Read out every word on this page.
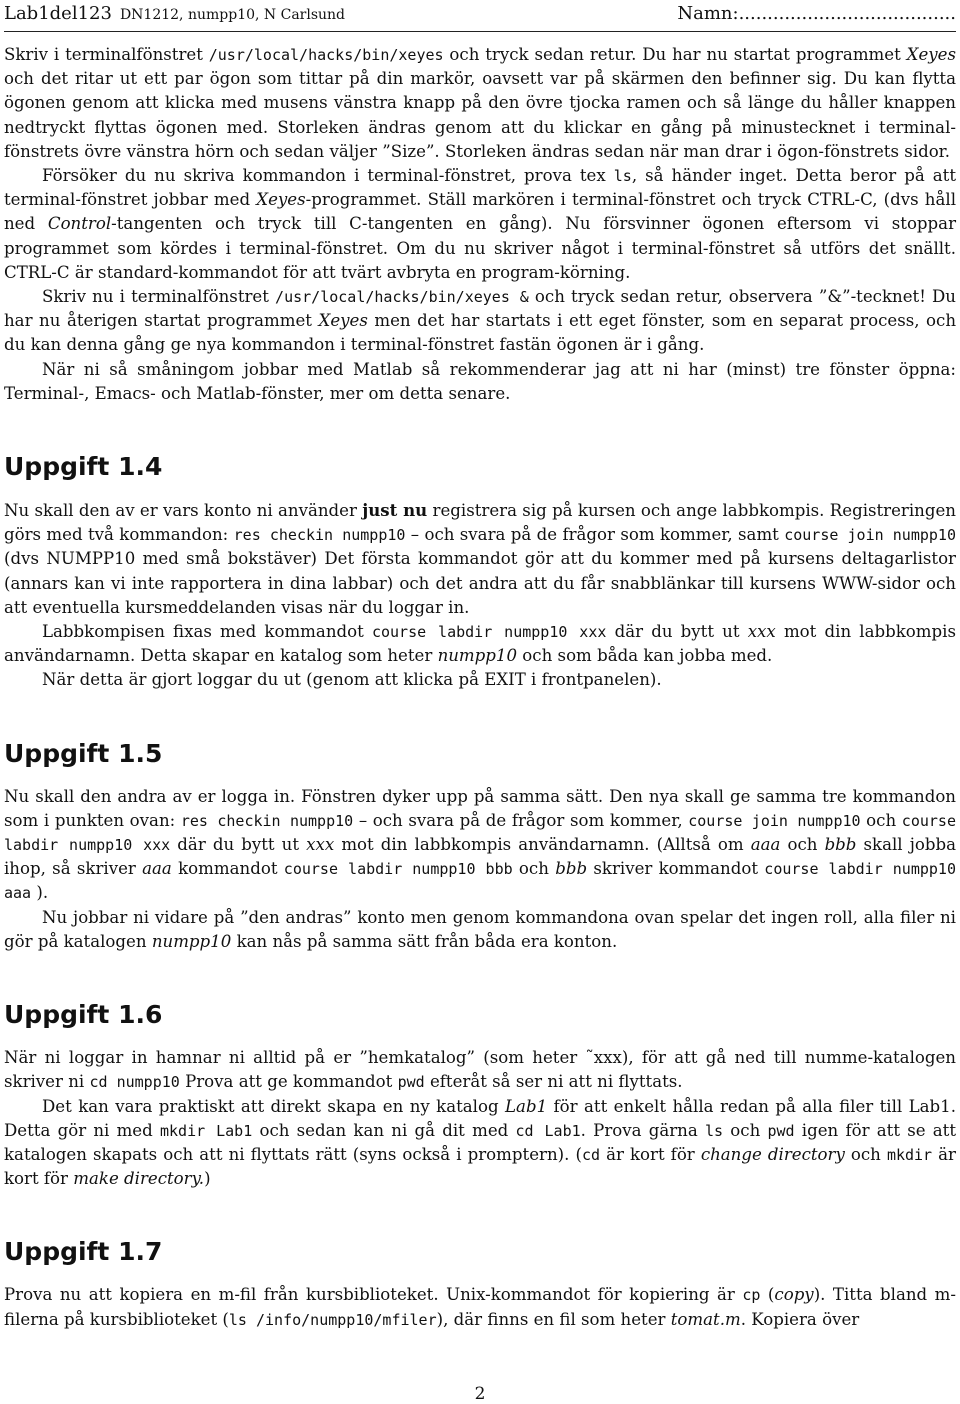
Lab1del123 DN1212, numpp10, N Carlsund	Namn:......................................

Skriv i terminalfönstret /usr/local/hacks/bin/xeyes och tryck sedan retur. Du har nu startat programmet Xeyes och det ritar ut ett par ögon som tittar på din markör, oavsett var på skärmen den befinner sig. Du kan flytta ögonen genom att klicka med musens vänstra knapp på den övre tjocka ramen och så länge du håller knappen nedtryckt flyttas ögonen med. Storleken ändras genom att du klickar en gång på minustecknet i terminal-fönstrets övre vänstra hörn och sedan väljer ”Size”. Storleken ändras sedan när man drar i ögon-fönstrets sidor.

Försöker du nu skriva kommandon i terminal-fönstret, prova tex ls, så händer inget. Detta beror på att terminal-fönstret jobbar med Xeyes-programmet. Ställ markören i terminal-fönstret och tryck CTRL-C, (dvs håll ned Control-tangenten och tryck till C-tangenten en gång). Nu försvinner ögonen eftersom vi stoppar programmet som kördes i terminal-fönstret. Om du nu skriver något i terminal-fönstret så utförs det snällt. CTRL-C är standard-kommandot för att tvärt avbryta en program-körning.

Skriv nu i terminalfönstret /usr/local/hacks/bin/xeyes & och tryck sedan retur, observera ”&”-tecknet! Du har nu återigen startat programmet Xeyes men det har startats i ett eget fönster, som en separat process, och du kan denna gång ge nya kommandon i terminal-fönstret fastän ögonen är i gång.

När ni så småningom jobbar med Matlab så rekommenderar jag att ni har (minst) tre fönster öppna: Terminal-, Emacs- och Matlab-fönster, mer om detta senare.

Uppgift 1.4

Nu skall den av er vars konto ni använder just nu registrera sig på kursen och ange labbkompis. Registreringen görs med två kommandon: res checkin numpp10 – och svara på de frågor som kommer, samt course join numpp10 (dvs NUMPP10 med små bokstäver) Det första kommandot gör att du kommer med på kursens deltagarlistor (annars kan vi inte rapportera in dina labbar) och det andra att du får snabblänkar till kursens WWW-sidor och att eventuella kursmeddelanden visas när du loggar in.

Labbkompisen fixas med kommandot course labdir numpp10 xxx där du bytt ut xxx mot din labbkompis användarnamn. Detta skapar en katalog som heter numpp10 och som båda kan jobba med.

När detta är gjort loggar du ut (genom att klicka på EXIT i frontpanelen).

Uppgift 1.5

Nu skall den andra av er logga in. Fönstren dyker upp på samma sätt. Den nya skall ge samma tre kommandon som i punkten ovan: res checkin numpp10 – och svara på de frågor som kommer, course join numpp10 och course labdir numpp10 xxx där du bytt ut xxx mot din labbkompis användarnamn. (Alltså om aaa och bbb skall jobba ihop, så skriver aaa kommandot course labdir numpp10 bbb och bbb skriver kommandot course labdir numpp10 aaa ).

Nu jobbar ni vidare på ”den andras” konto men genom kommandona ovan spelar det ingen roll, alla filer ni gör på katalogen numpp10 kan nås på samma sätt från båda era konton.

Uppgift 1.6

När ni loggar in hamnar ni alltid på er ”hemkatalog” (som heter ˜xxx), för att gå ned till numme-katalogen skriver ni cd numpp10 Prova att ge kommandot pwd efteråt så ser ni att ni flyttats.

Det kan vara praktiskt att direkt skapa en ny katalog Lab1 för att enkelt hålla redan på alla filer till Lab1. Detta gör ni med mkdir Lab1 och sedan kan ni gå dit med cd Lab1. Prova gärna ls och pwd igen för att se att katalogen skapats och att ni flyttats rätt (syns också i promptern). (cd är kort för change directory och mkdir är kort för make directory.)

Uppgift 1.7

Prova nu att kopiera en m-fil från kursbiblioteket. Unix-kommandot för kopiering är cp (copy). Titta bland m-filerna på kursbiblioteket (ls /info/numpp10/mfiler), där finns en fil som heter tomat.m. Kopiera över

2
